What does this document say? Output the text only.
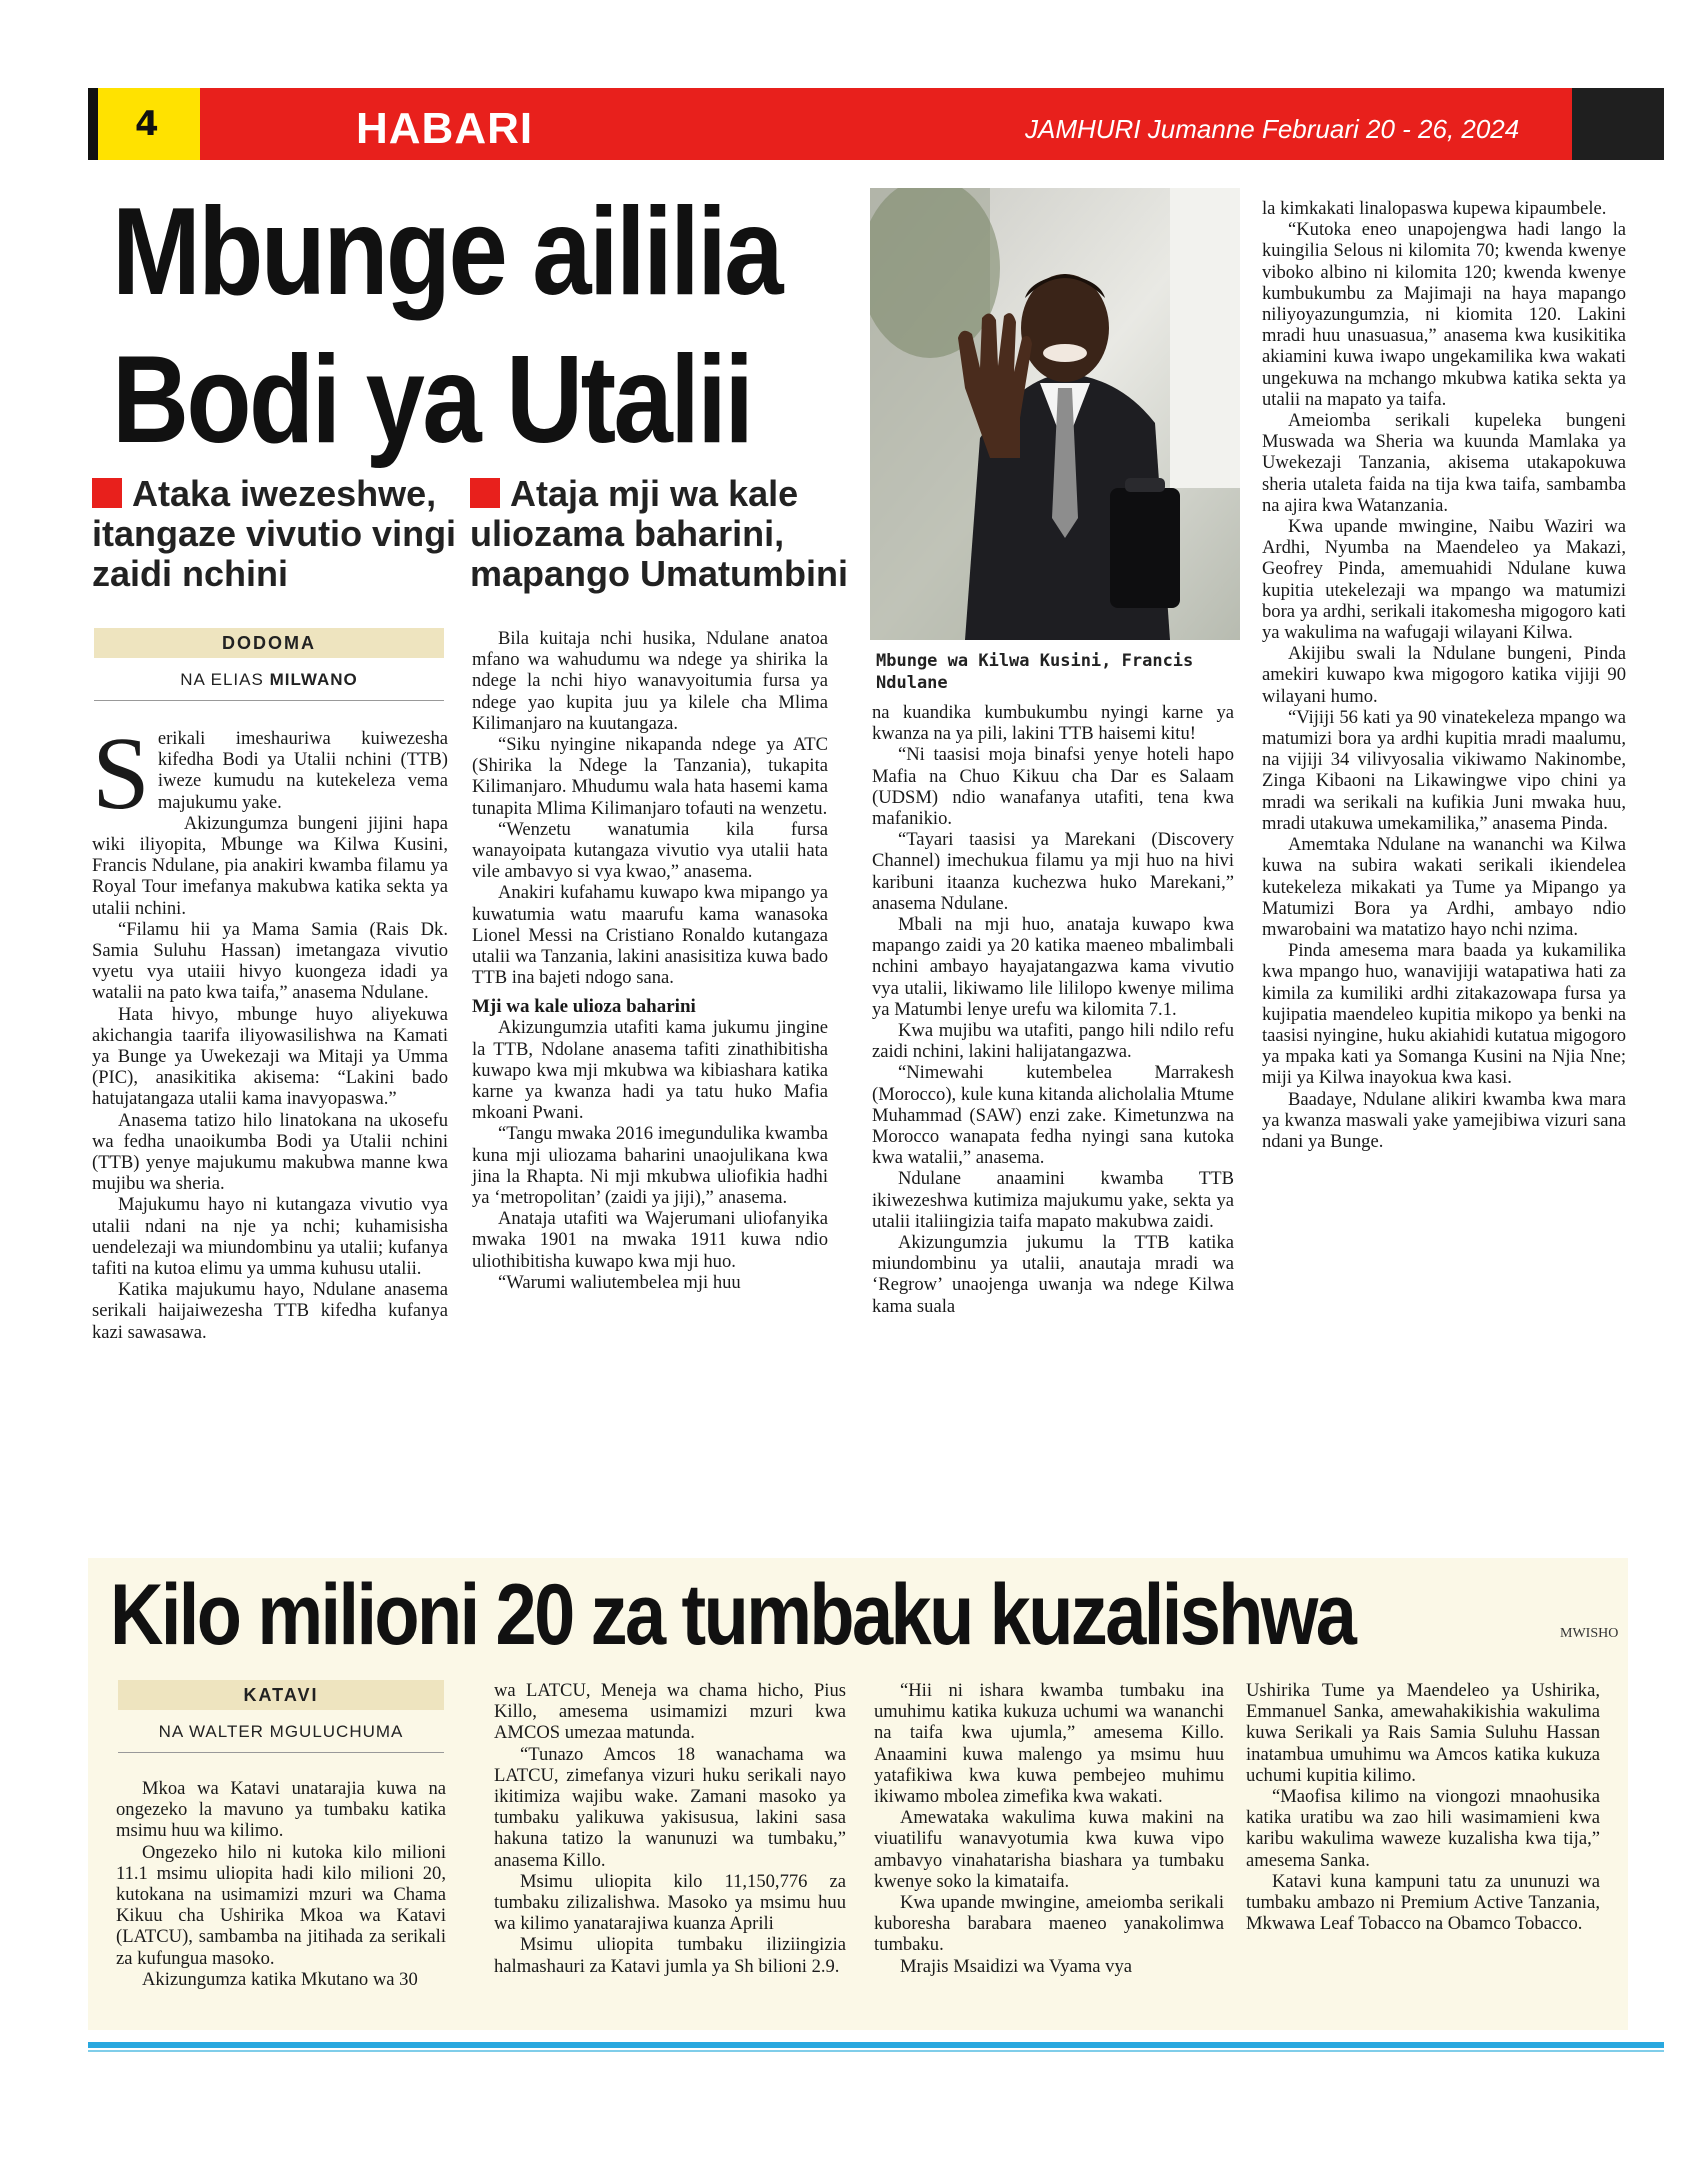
4	HABARI	JAMHURI Jumanne Februari 20 - 26, 2024
Mbunge aililia
Bodi ya Utalii
Ataka iwezeshwe, itangaze vivutio vingi zaidi nchini
Ataja mji wa kale uliozama baharini, mapango Umatumbini
DODOMA
NA ELIAS MILWANO

Serikali imeshauriwa kuiwezesha kifedha Bodi ya Utalii nchini (TTB) iweze kumudu na kutekeleza vema majukumu yake.

Akizungumza bungeni jijini hapa wiki iliyopita, Mbunge wa Kilwa Kusini, Francis Ndulane, pia anakiri kwamba filamu ya Royal Tour imefanya makubwa katika sekta ya utalii nchini.

“Filamu hii ya Mama Samia (Rais Dk. Samia Suluhu Hassan) imetangaza vivutio vyetu vya utaiii hivyo kuongeza idadi ya watalii na pato kwa taifa,” anasema Ndulane.

Hata hivyo, mbunge huyo aliyekuwa akichangia taarifa iliyowasilishwa na Kamati ya Bunge ya Uwekezaji wa Mitaji ya Umma (PIC), anasikitika akisema: “Lakini bado hatujatangaza utalii kama inavyopaswa.”

Anasema tatizo hilo linatokana na ukosefu wa fedha unaoikumba Bodi ya Utalii nchini (TTB) yenye majukumu makubwa manne kwa mujibu wa sheria.

Majukumu hayo ni kutangaza vivutio vya utalii ndani na nje ya nchi; kuhamisisha uendelezaji wa miundombinu ya utalii; kufanya tafiti na kutoa elimu ya umma kuhusu utalii.

Katika majukumu hayo, Ndulane anasema serikali haijaiwezesha TTB kifedha kufanya kazi sawasawa.

Bila kuitaja nchi husika, Ndulane anatoa mfano wa wahudumu wa ndege ya shirika la ndege la nchi hiyo wanavyoitumia fursa ya ndege yao kupita juu ya kilele cha Mlima Kilimanjaro na kuutangaza.

“Siku nyingine nikapanda ndege ya ATC (Shirika la Ndege la Tanzania), tukapita Kilimanjaro. Mhudumu wala hata hasemi kama tunapita Mlima Kilimanjaro tofauti na wenzetu.

“Wenzetu wanatumia kila fursa wanayoipata kutangaza vivutio vya utalii hata vile ambavyo si vya kwao,” anasema.

Anakiri kufahamu kuwapo kwa mipango ya kuwatumia watu maarufu kama wanasoka Lionel Messi na Cristiano Ronaldo kutangaza utalii wa Tanzania, lakini anasisitiza kuwa bado TTB ina bajeti ndogo sana.

Mji wa kale ulioza baharini

Akizungumzia utafiti kama jukumu jingine la TTB, Ndolane anasema tafiti zinathibitisha kuwapo kwa mji mkubwa wa kibiashara katika karne ya kwanza hadi ya tatu huko Mafia mkoani Pwani.

“Tangu mwaka 2016 imegundulika kwamba kuna mji uliozama baharini unaojulikana kwa jina la Rhapta. Ni mji mkubwa uliofikia hadhi ya ‘metropolitan’ (zaidi ya jiji),” anasema.

Anataja utafiti wa Wajerumani uliofanyika mwaka 1901 na mwaka 1911 kuwa ndio uliothibitisha kuwapo kwa mji huo.

“Warumi waliutembelea mji huu

Mbunge wa Kilwa Kusini, Francis Ndulane

na kuandika kumbukumbu nyingi karne ya kwanza na ya pili, lakini TTB haisemi kitu!

“Ni taasisi moja binafsi yenye hoteli hapo Mafia na Chuo Kikuu cha Dar es Salaam (UDSM) ndio wanafanya utafiti, tena kwa mafanikio.

“Tayari taasisi ya Marekani (Discovery Channel) imechukua filamu ya mji huo na hivi karibuni itaanza kuchezwa huko Marekani,” anasema Ndulane.

Mbali na mji huo, anataja kuwapo kwa mapango zaidi ya 20 katika maeneo mbalimbali nchini ambayo hayajatangazwa kama vivutio vya utalii, likiwamo lile lililopo kwenye milima ya Matumbi lenye urefu wa kilomita 7.1.

Kwa mujibu wa utafiti, pango hili ndilo refu zaidi nchini, lakini halijatangazwa.

“Nimewahi kutembelea Marrakesh (Morocco), kule kuna kitanda alicholalia Mtume Muhammad (SAW) enzi zake. Kimetunzwa na Morocco wanapata fedha nyingi sana kutoka kwa watalii,” anasema.

Ndulane anaamini kwamba TTB ikiwezeshwa kutimiza majukumu yake, sekta ya utalii italiingizia taifa mapato makubwa zaidi.

Akizungumzia jukumu la TTB katika miundombinu ya utalii, anautaja mradi wa ‘Regrow’ unaojenga uwanja wa ndege Kilwa kama suala

la kimkakati linalopaswa kupewa kipaumbele.

“Kutoka eneo unapojengwa hadi lango la kuingilia Selous ni kilomita 70; kwenda kwenye viboko albino ni kilomita 120; kwenda kwenye kumbukumbu za Majimaji na haya mapango niliyoyazungumzia, ni kiomita 120. Lakini mradi huu unasuasua,” anasema kwa kusikitika akiamini kuwa iwapo ungekamilika kwa wakati ungekuwa na mchango mkubwa katika sekta ya utalii na mapato ya taifa.

Ameiomba serikali kupeleka bungeni Muswada wa Sheria wa kuunda Mamlaka ya Uwekezaji Tanzania, akisema utakapokuwa sheria utaleta faida na tija kwa taifa, sambamba na ajira kwa Watanzania.

Kwa upande mwingine, Naibu Waziri wa Ardhi, Nyumba na Maendeleo ya Makazi, Geofrey Pinda, amemuahidi Ndulane kuwa kupitia utekelezaji wa mpango wa matumizi bora ya ardhi, serikali itakomesha migogoro kati ya wakulima na wafugaji wilayani Kilwa.

Akijibu swali la Ndulane bungeni, Pinda amekiri kuwapo kwa migogoro katika vijiji 90 wilayani humo.

“Vijiji 56 kati ya 90 vinatekeleza mpango wa matumizi bora ya ardhi kupitia mradi maalumu, na vijiji 34 vilivyosalia vikiwamo Nakinombe, Zinga Kibaoni na Likawingwe vipo chini ya mradi wa serikali na kufikia Juni mwaka huu, mradi utakuwa umekamilika,” anasema Pinda.

Amemtaka Ndulane na wananchi wa Kilwa kuwa na subira wakati serikali ikiendelea kutekeleza mikakati ya Tume ya Mipango ya Matumizi Bora ya Ardhi, ambayo ndio mwarobaini wa matatizo hayo nchi nzima.

Pinda amesema mara baada ya kukamilika kwa mpango huo, wanavijiji watapatiwa hati za kimila za kumiliki ardhi zitakazowapa fursa ya kujipatia maendeleo kupitia mikopo ya benki na taasisi nyingine, huku akiahidi kutatua migogoro ya mpaka kati ya Somanga Kusini na Njia Nne; miji ya Kilwa inayokua kwa kasi.

Baadaye, Ndulane alikiri kwamba kwa mara ya kwanza maswali yake yamejibiwa vizuri sana ndani ya Bunge.

Kilo milioni 20 za tumbaku kuzalishwa	MWISHO
KATAVI
NA WALTER MGULUCHUMA

Mkoa wa Katavi unatarajia kuwa na ongezeko la mavuno ya tumbaku katika msimu huu wa kilimo.

Ongezeko hilo ni kutoka kilo milioni 11.1 msimu uliopita hadi kilo milioni 20, kutokana na usimamizi mzuri wa Chama Kikuu cha Ushirika Mkoa wa Katavi (LATCU), sambamba na jitihada za serikali za kufungua masoko.

Akizungumza katika Mkutano wa 30

wa LATCU, Meneja wa chama hicho, Pius Killo, amesema usimamizi mzuri kwa AMCOS umezaa matunda.

“Tunazo Amcos 18 wanachama wa LATCU, zimefanya vizuri huku serikali nayo ikitimiza wajibu wake. Zamani masoko ya tumbaku yalikuwa yakisusua, lakini sasa hakuna tatizo la wanunuzi wa tumbaku,” anasema Killo.

Msimu uliopita kilo 11,150,776 za tumbaku zilizalishwa. Masoko ya msimu huu wa kilimo yanatarajiwa kuanza Aprili

Msimu uliopita tumbaku iliziingizia halmashauri za Katavi jumla ya Sh bilioni 2.9.

“Hii ni ishara kwamba tumbaku ina umuhimu katika kukuza uchumi wa wananchi na taifa kwa ujumla,” amesema Killo. Anaamini kuwa malengo ya msimu huu yatafikiwa kwa kuwa pembejeo muhimu ikiwamo mbolea zimefika kwa wakati.

Amewataka wakulima kuwa makini na viuatilifu wanavyotumia kwa kuwa vipo ambavyo vinahatarisha biashara ya tumbaku kwenye soko la kimataifa.

Kwa upande mwingine, ameiomba serikali kuboresha barabara maeneo yanakolimwa tumbaku.

Mrajis Msaidizi wa Vyama vya

Ushirika Tume ya Maendeleo ya Ushirika, Emmanuel Sanka, amewahakikishia wakulima kuwa Serikali ya Rais Samia Suluhu Hassan inatambua umuhimu wa Amcos katika kukuza uchumi kupitia kilimo.

“Maofisa kilimo na viongozi mnaohusika katika uratibu wa zao hili wasimamieni kwa karibu wakulima waweze kuzalisha kwa tija,” amesema Sanka.

Katavi kuna kampuni tatu za ununuzi wa tumbaku ambazo ni Premium Active Tanzania, Mkwawa Leaf Tobacco na Obamco Tobacco.
